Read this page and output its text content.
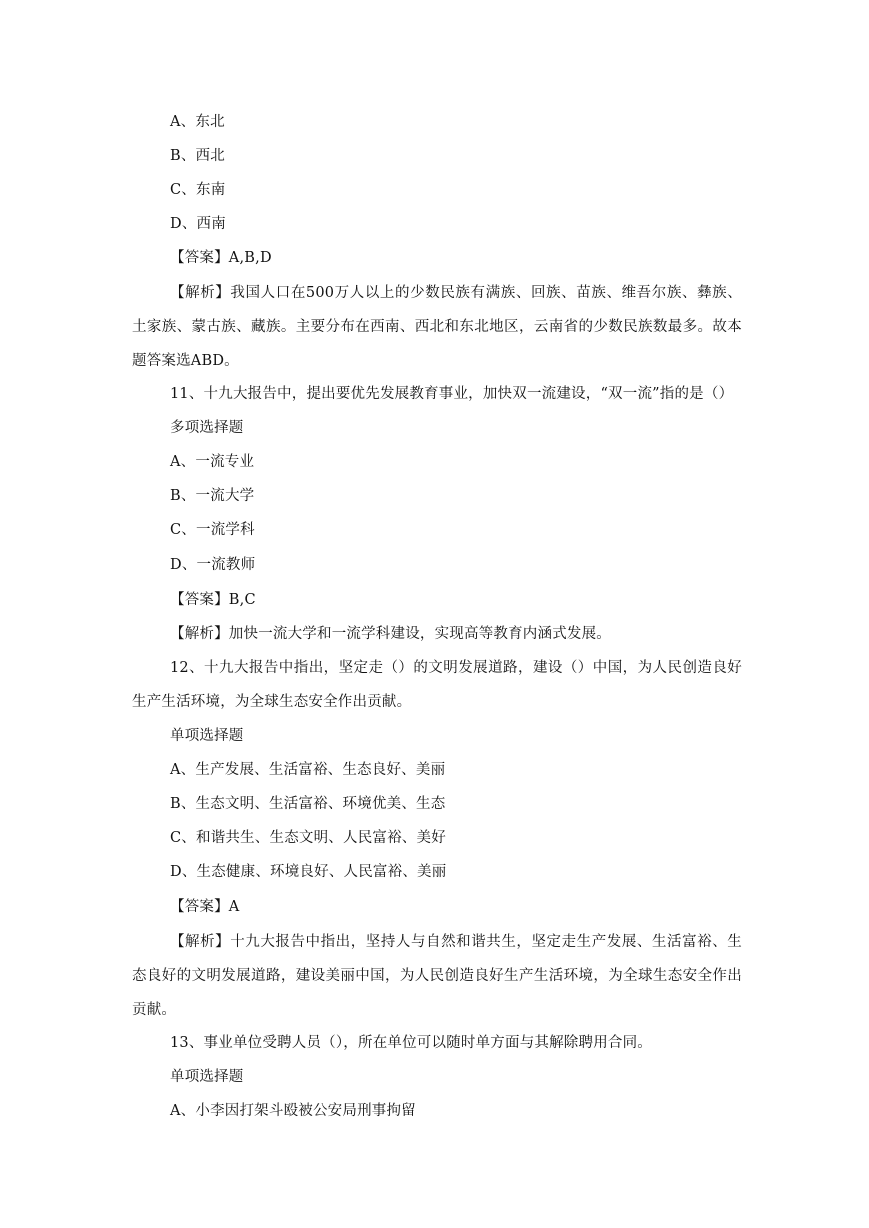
A、东北
B、西北
C、东南
D、西南
【答案】A,B,D
【解析】我国人口在500万人以上的少数民族有满族、回族、苗族、维吾尔族、彝族、土家族、蒙古族、藏族。主要分布在西南、西北和东北地区，云南省的少数民族数最多。故本题答案选ABD。
11、十九大报告中，提出要优先发展教育事业，加快双一流建设，“双一流”指的是（）
多项选择题
A、一流专业
B、一流大学
C、一流学科
D、一流教师
【答案】B,C
【解析】加快一流大学和一流学科建设，实现高等教育内涵式发展。
12、十九大报告中指出，坚定走（）的文明发展道路，建设（）中国，为人民创造良好生产生活环境，为全球生态安全作出贡献。
单项选择题
A、生产发展、生活富裕、生态良好、美丽
B、生态文明、生活富裕、环境优美、生态
C、和谐共生、生态文明、人民富裕、美好
D、生态健康、环境良好、人民富裕、美丽
【答案】A
【解析】十九大报告中指出，坚持人与自然和谐共生，坚定走生产发展、生活富裕、生态良好的文明发展道路，建设美丽中国，为人民创造良好生产生活环境，为全球生态安全作出贡献。
13、事业单位受聘人员（），所在单位可以随时单方面与其解除聘用合同。
单项选择题
A、小李因打架斗殴被公安局刑事拘留
